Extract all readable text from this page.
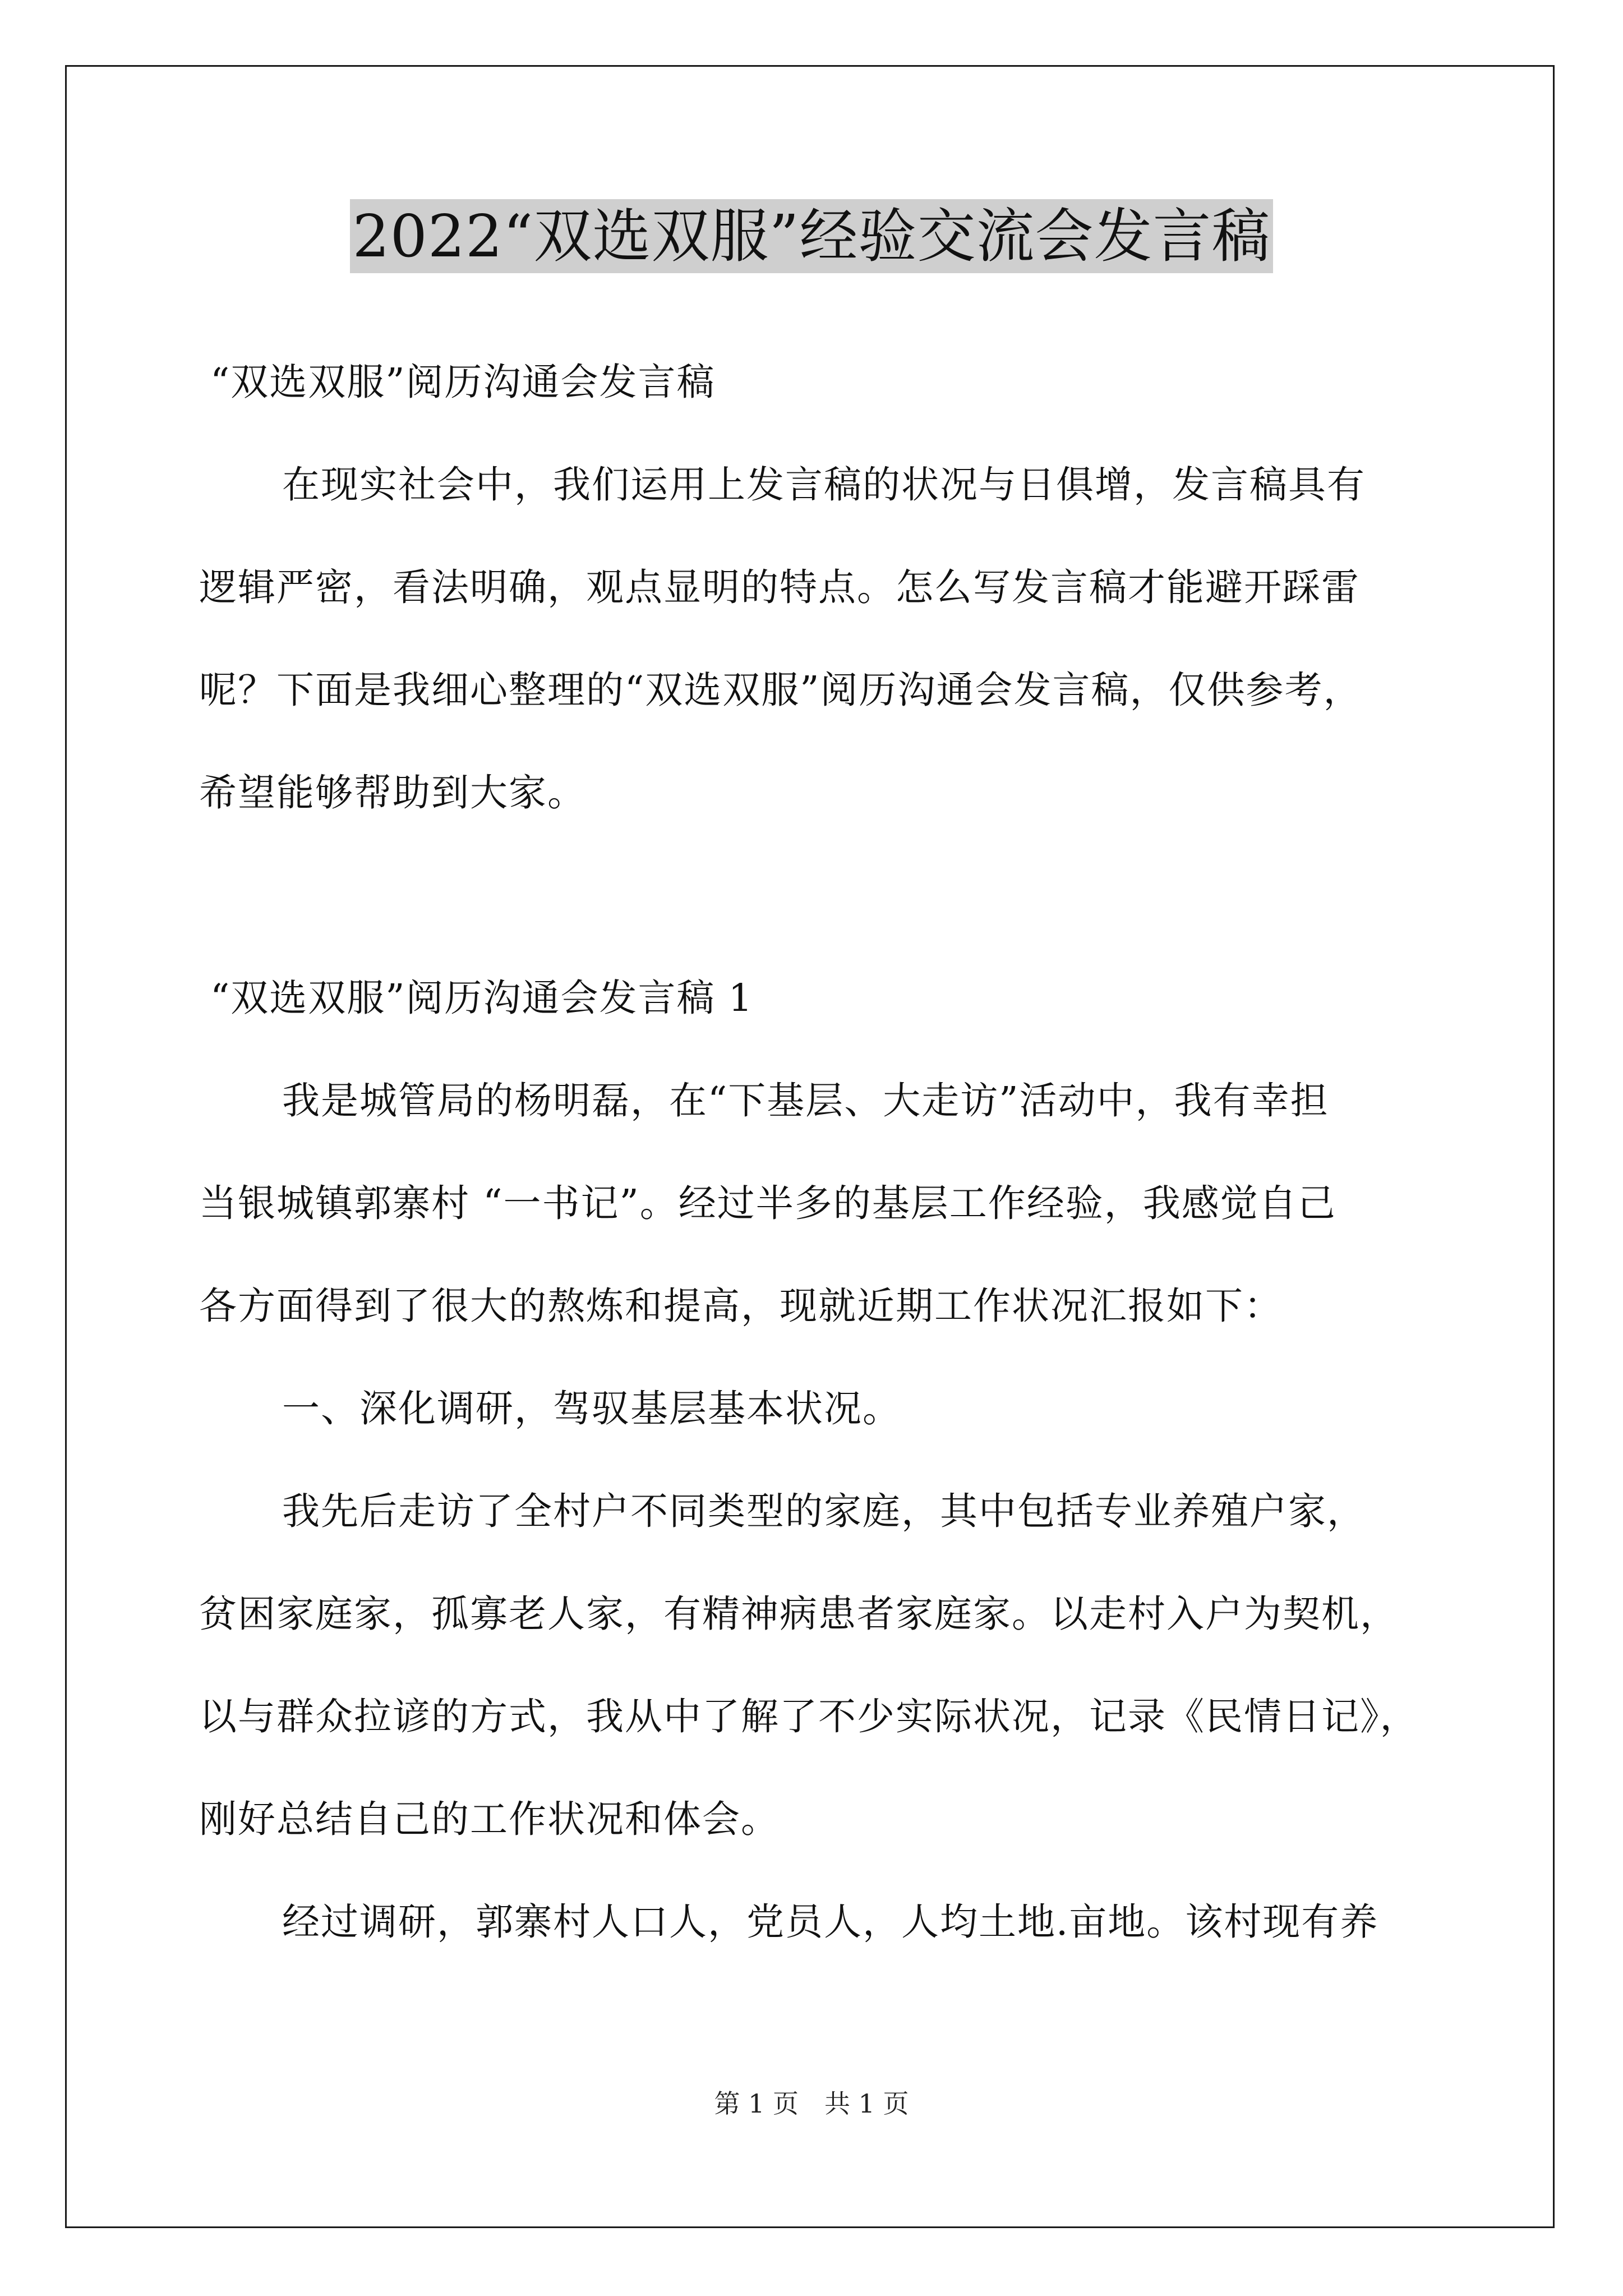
2022“双选双服”经验交流会发言稿
“双选双服”阅历沟通会发言稿
在现实社会中，我们运用上发言稿的状况与日俱增，发言稿具有
逻辑严密，看法明确，观点显明的特点。怎么写发言稿才能避开踩雷
呢？下面是我细心整理的“双选双服”阅历沟通会发言稿，仅供参考，
希望能够帮助到大家。
“双选双服”阅历沟通会发言稿 1
我是城管局的杨明磊，在“下基层、大走访”活动中，我有幸担
当银城镇郭寨村 “一书记”。经过半多的基层工作经验，我感觉自己
各方面得到了很大的熬炼和提高，现就近期工作状况汇报如下：
一、深化调研，驾驭基层基本状况。
我先后走访了全村户不同类型的家庭，其中包括专业养殖户家，
贫困家庭家，孤寡老人家，有精神病患者家庭家。以走村入户为契机，
以与群众拉谚的方式，我从中了解了不少实际状况，记录《民情日记》，
刚好总结自己的工作状况和体会。
经过调研，郭寨村人口人，党员人，人均土地.亩地。该村现有养
第 1 页　共 1 页
